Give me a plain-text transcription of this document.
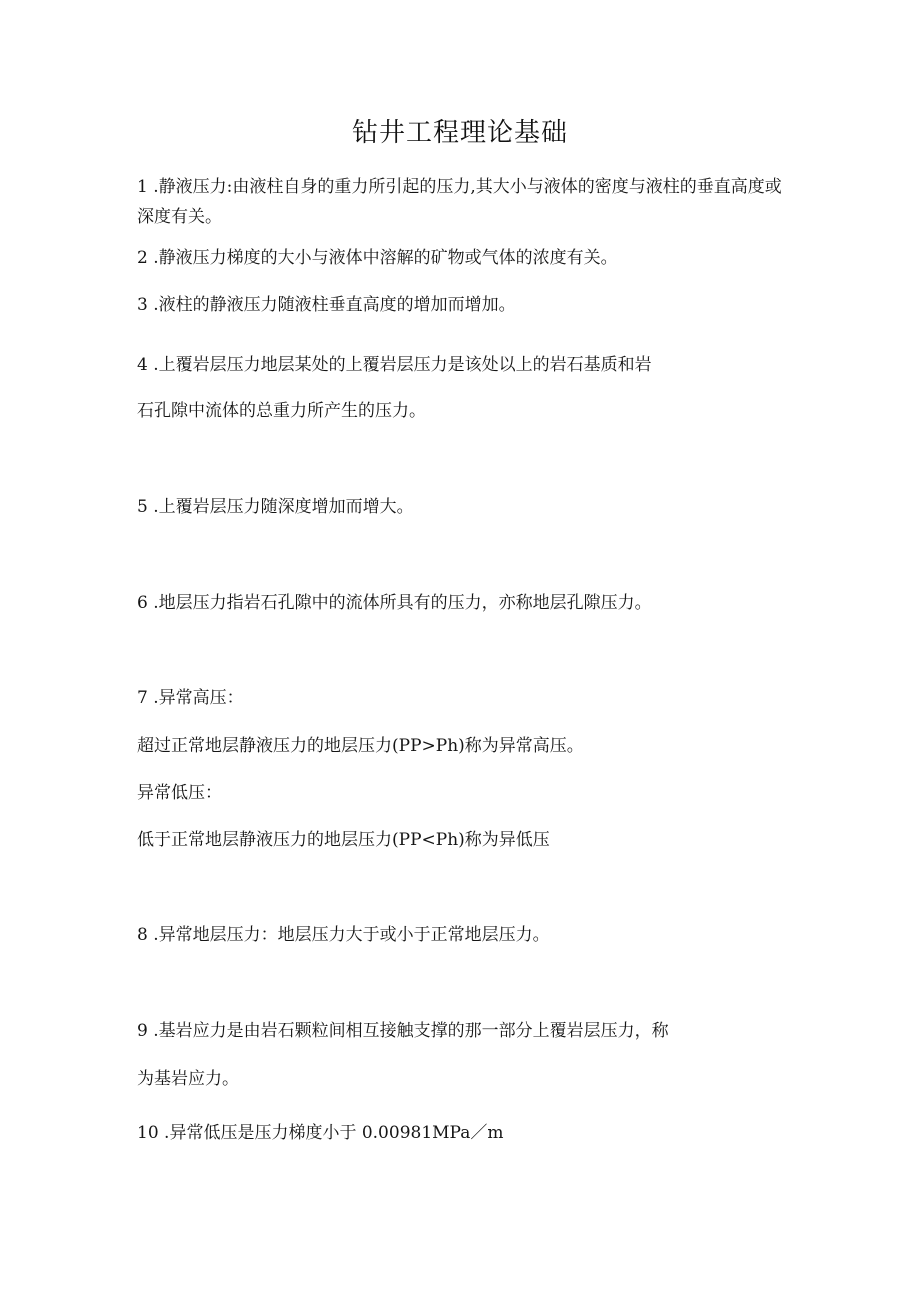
钻井工程理论基础
1 .静液压力:由液柱自身的重力所引起的压力,其大小与液体的密度与液柱的垂直高度或深度有关。
2 .静液压力梯度的大小与液体中溶解的矿物或气体的浓度有关。
3 .液柱的静液压力随液柱垂直高度的增加而增加。
4 .上覆岩层压力地层某处的上覆岩层压力是该处以上的岩石基质和岩
石孔隙中流体的总重力所产生的压力。
5 .上覆岩层压力随深度增加而增大。
6 .地层压力指岩石孔隙中的流体所具有的压力，亦称地层孔隙压力。
7 .异常高压：
超过正常地层静液压力的地层压力(PP>Ph)称为异常高压。
异常低压：
低于正常地层静液压力的地层压力(PP<Ph)称为异低压
8 .异常地层压力：地层压力大于或小于正常地层压力。
9 .基岩应力是由岩石颗粒间相互接触支撑的那一部分上覆岩层压力，称
为基岩应力。
10 .异常低压是压力梯度小于 0.00981MPa／m
